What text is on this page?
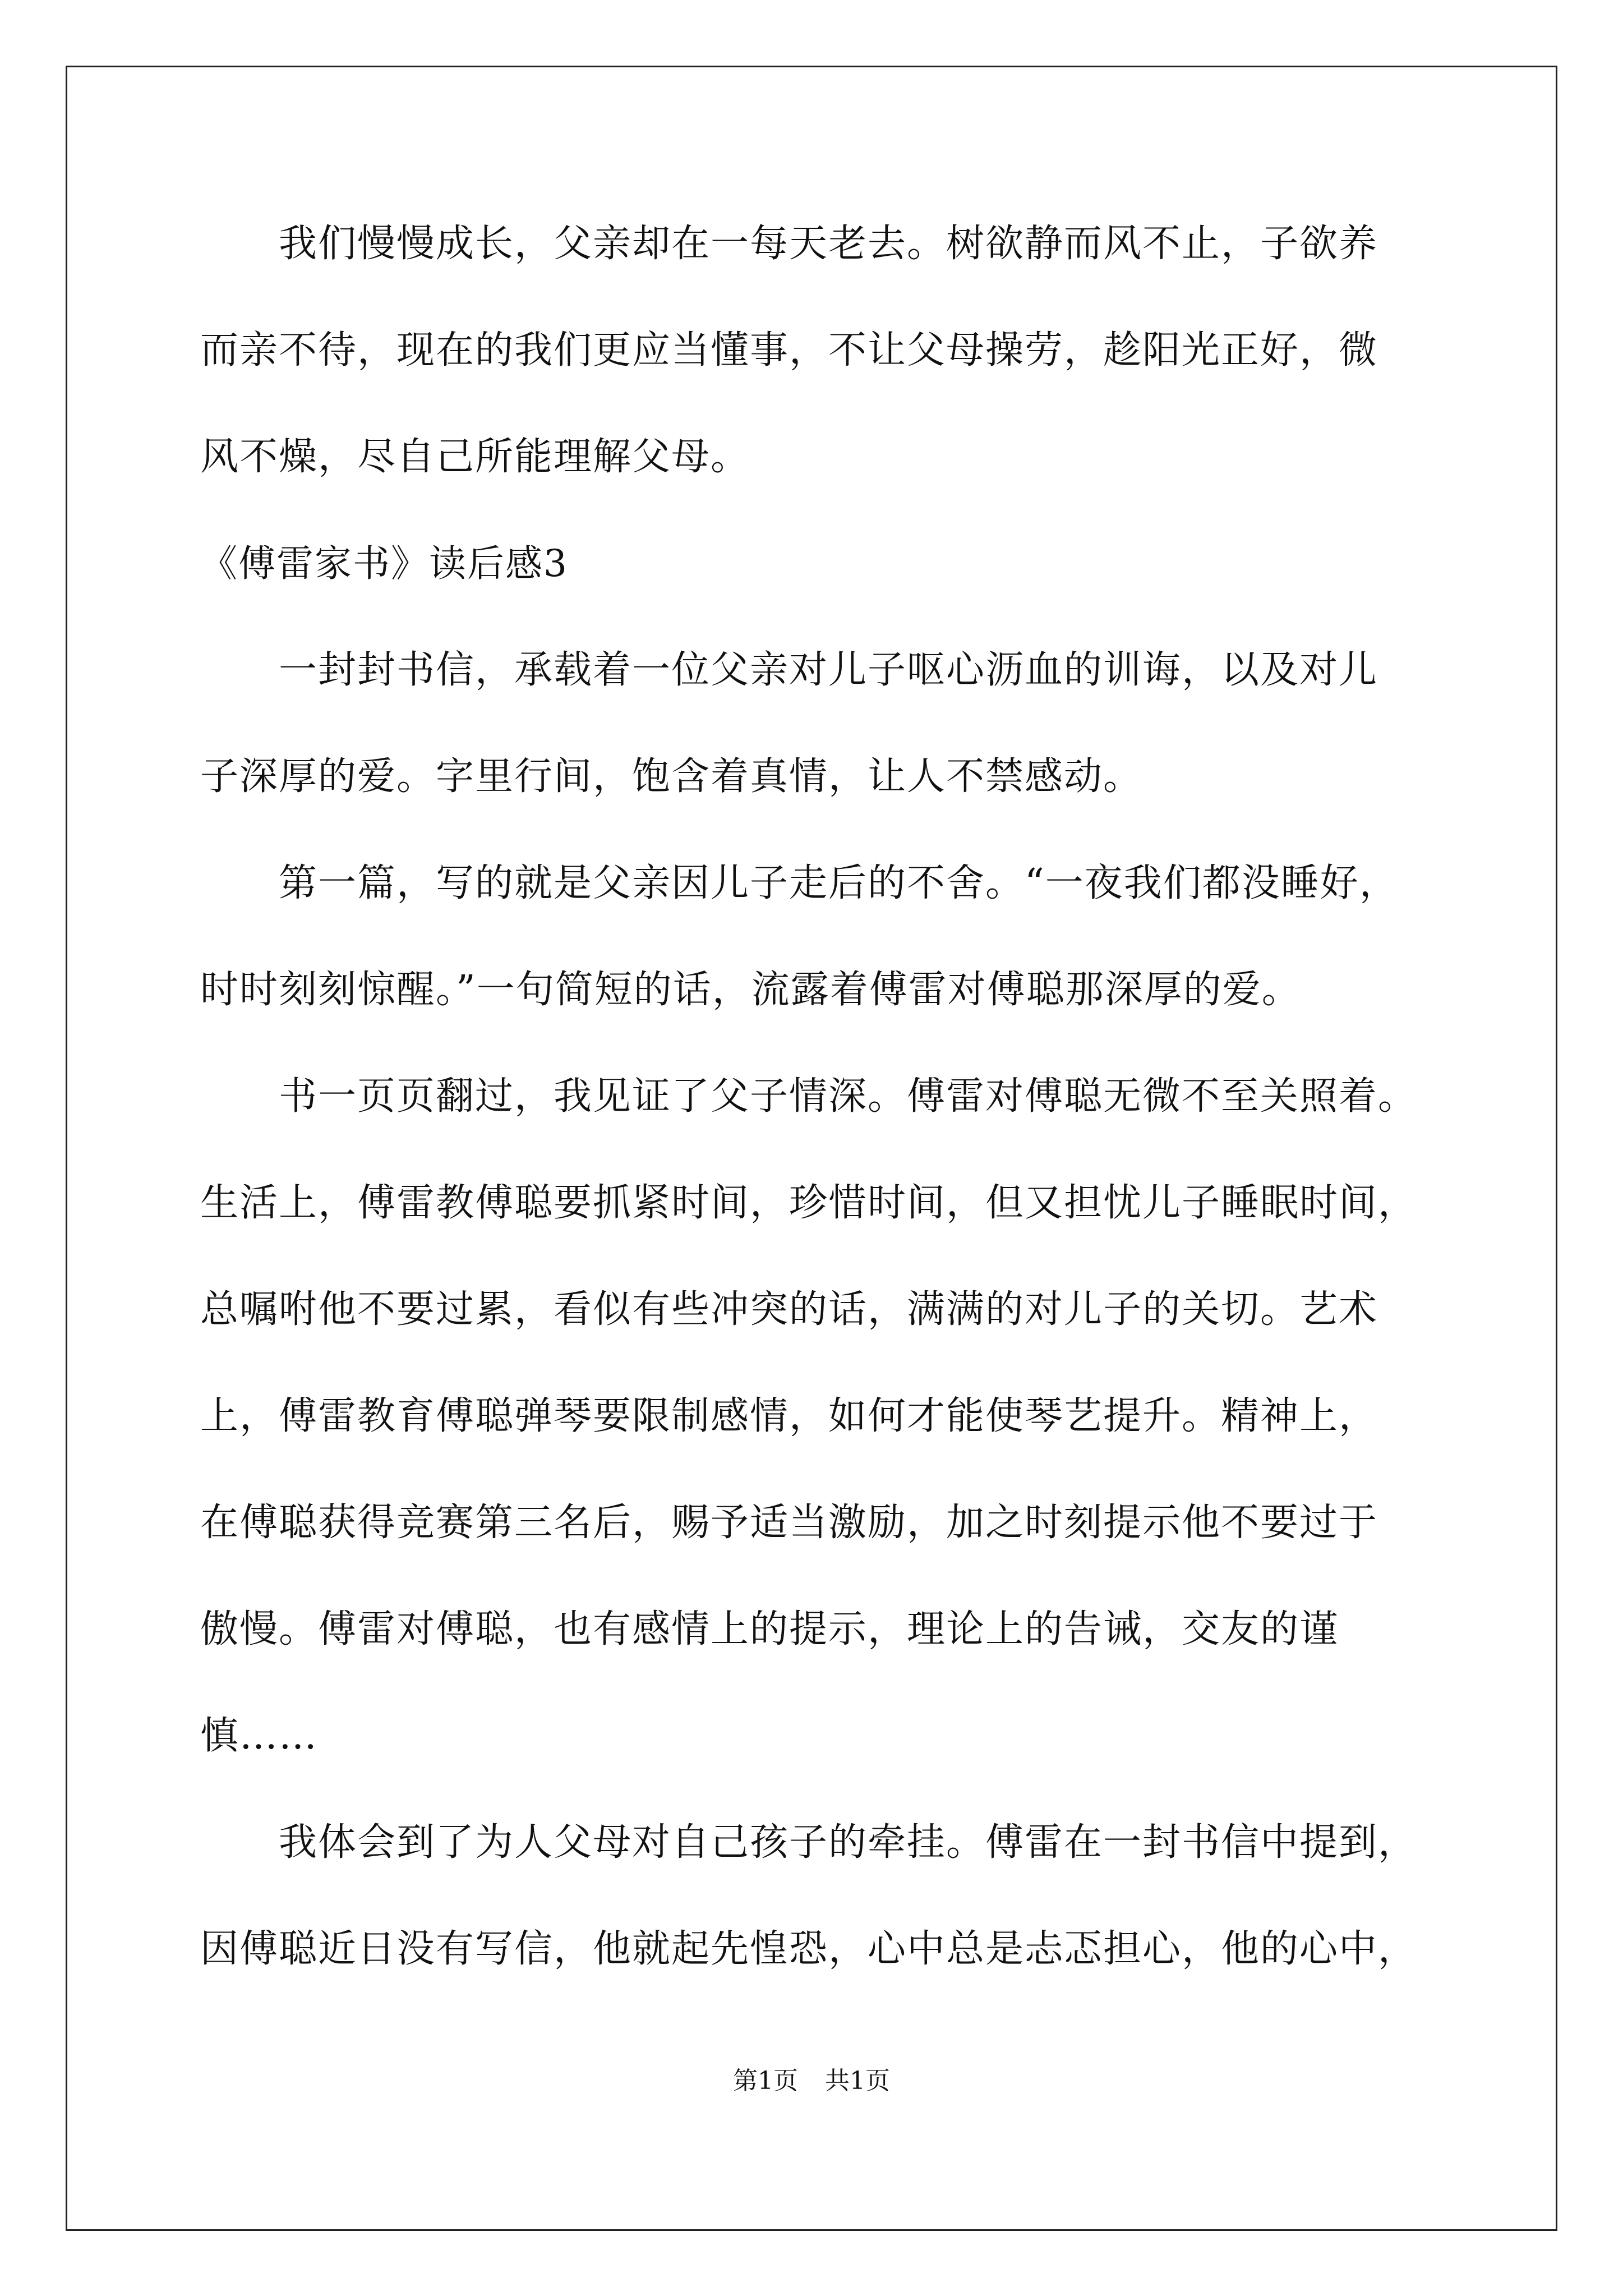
我们慢慢成长，父亲却在一每天老去。树欲静而风不止，子欲养
而亲不待，现在的我们更应当懂事，不让父母操劳，趁阳光正好，微
风不燥，尽自己所能理解父母。
《傅雷家书》读后感3
一封封书信，承载着一位父亲对儿子呕心沥血的训诲，以及对儿
子深厚的爱。字里行间，饱含着真情，让人不禁感动。
第一篇，写的就是父亲因儿子走后的不舍。“一夜我们都没睡好，
时时刻刻惊醒。”一句简短的话，流露着傅雷对傅聪那深厚的爱。
书一页页翻过，我见证了父子情深。傅雷对傅聪无微不至关照着。
生活上，傅雷教傅聪要抓紧时间，珍惜时间，但又担忧儿子睡眠时间，
总嘱咐他不要过累，看似有些冲突的话，满满的对儿子的关切。艺术
上，傅雷教育傅聪弹琴要限制感情，如何才能使琴艺提升。精神上，
在傅聪获得竞赛第三名后，赐予适当激励，加之时刻提示他不要过于
傲慢。傅雷对傅聪，也有感情上的提示，理论上的告诫，交友的谨
慎……
我体会到了为人父母对自己孩子的牵挂。傅雷在一封书信中提到，
因傅聪近日没有写信，他就起先惶恐，心中总是忐忑担心，他的心中，
第1页 共1页
